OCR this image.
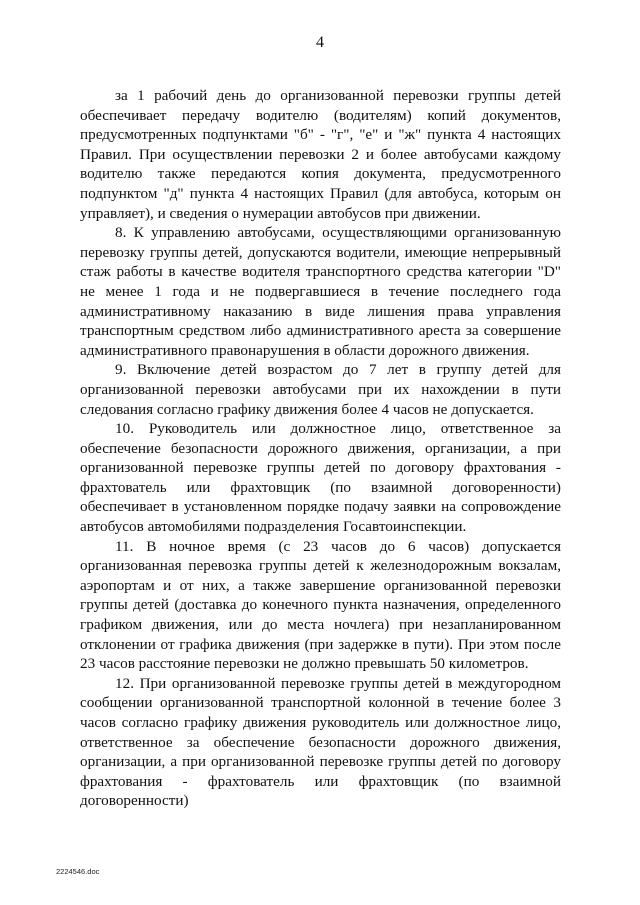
4

за 1 рабочий день до организованной перевозки группы детей обеспечивает передачу водителю (водителям) копий документов, предусмотренных подпунктами "б" - "г", "е" и "ж" пункта 4 настоящих Правил. При осуществлении перевозки 2 и более автобусами каждому водителю также передаются копия документа, предусмотренного подпунктом "д" пункта 4 настоящих Правил (для автобуса, которым он управляет), и сведения о нумерации автобусов при движении.

8. К управлению автобусами, осуществляющими организованную перевозку группы детей, допускаются водители, имеющие непрерывный стаж работы в качестве водителя транспортного средства категории "D" не менее 1 года и не подвергавшиеся в течение последнего года административному наказанию в виде лишения права управления транспортным средством либо административного ареста за совершение административного правонарушения в области дорожного движения.

9. Включение детей возрастом до 7 лет в группу детей для организованной перевозки автобусами при их нахождении в пути следования согласно графику движения более 4 часов не допускается.

10. Руководитель или должностное лицо, ответственное за обеспечение безопасности дорожного движения, организации, а при организованной перевозке группы детей по договору фрахтования - фрахтователь или фрахтовщик (по взаимной договоренности) обеспечивает в установленном порядке подачу заявки на сопровождение автобусов автомобилями подразделения Госавтоинспекции.

11. В ночное время (с 23 часов до 6 часов) допускается организованная перевозка группы детей к железнодорожным вокзалам, аэропортам и от них, а также завершение организованной перевозки группы детей (доставка до конечного пункта назначения, определенного графиком движения, или до места ночлега) при незапланированном отклонении от графика движения (при задержке в пути). При этом после 23 часов расстояние перевозки не должно превышать 50 километров.

12. При организованной перевозке группы детей в междугородном сообщении организованной транспортной колонной в течение более 3 часов согласно графику движения руководитель или должностное лицо, ответственное за обеспечение безопасности дорожного движения, организации, а при организованной перевозке группы детей по договору фрахтования - фрахтователь или фрахтовщик (по взаимной договоренности)

2224546.doc
